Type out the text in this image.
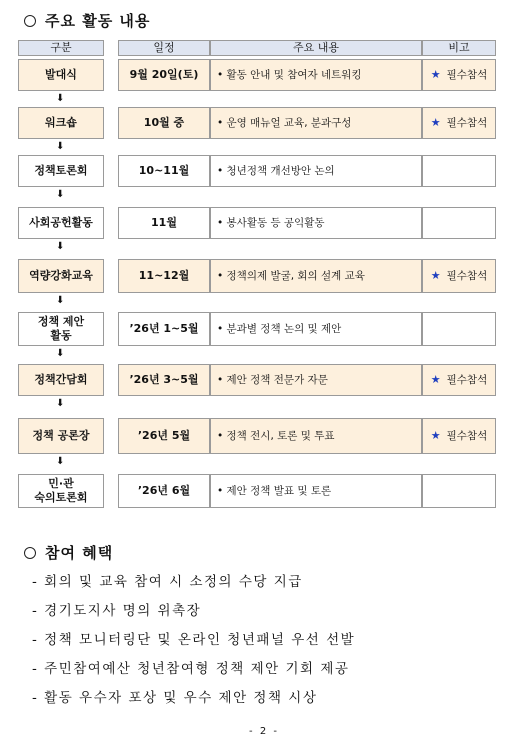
주요 활동 내용
구분	일정	주요 내용	비고
발대식	9월 20일(토) • 활동 안내 및 참여자 네트워킹	★ 필수참석
⬇
워크숍	10월 중	• 운영 매뉴얼 교육, 분과구성	★ 필수참석
⬇
정책토론회	10~11월	• 청년정책 개선방안 논의
⬇
사회공헌활동	11월	• 봉사활동 등 공익활동
⬇
역량강화교육	11~12월	• 정책의제 발굴, 회의 설계 교육	★ 필수참석
⬇
정책 제안
활동
’26년 1~5월 • 분과별 정책 논의 및 제안
⬇
정책간담회	’26년 3~5월 • 제안 정책 전문가 자문	★ 필수참석
⬇
정책 공론장	’26년 5월	• 정책 전시, 토론 및 투표	★ 필수참석
⬇
민·관
숙의토론회
’26년 6월	• 제안 정책 발표 및 토론
참여 혜택
- 회의 및 교육 참여 시 소정의 수당 지급
- 경기도지사 명의 위촉장
- 정책 모니터링단 및 온라인 청년패널 우선 선발
- 주민참여예산 청년참여형 정책 제안 기회 제공
- 활동 우수자 포상 및 우수 제안 정책 시상
- 2 -
